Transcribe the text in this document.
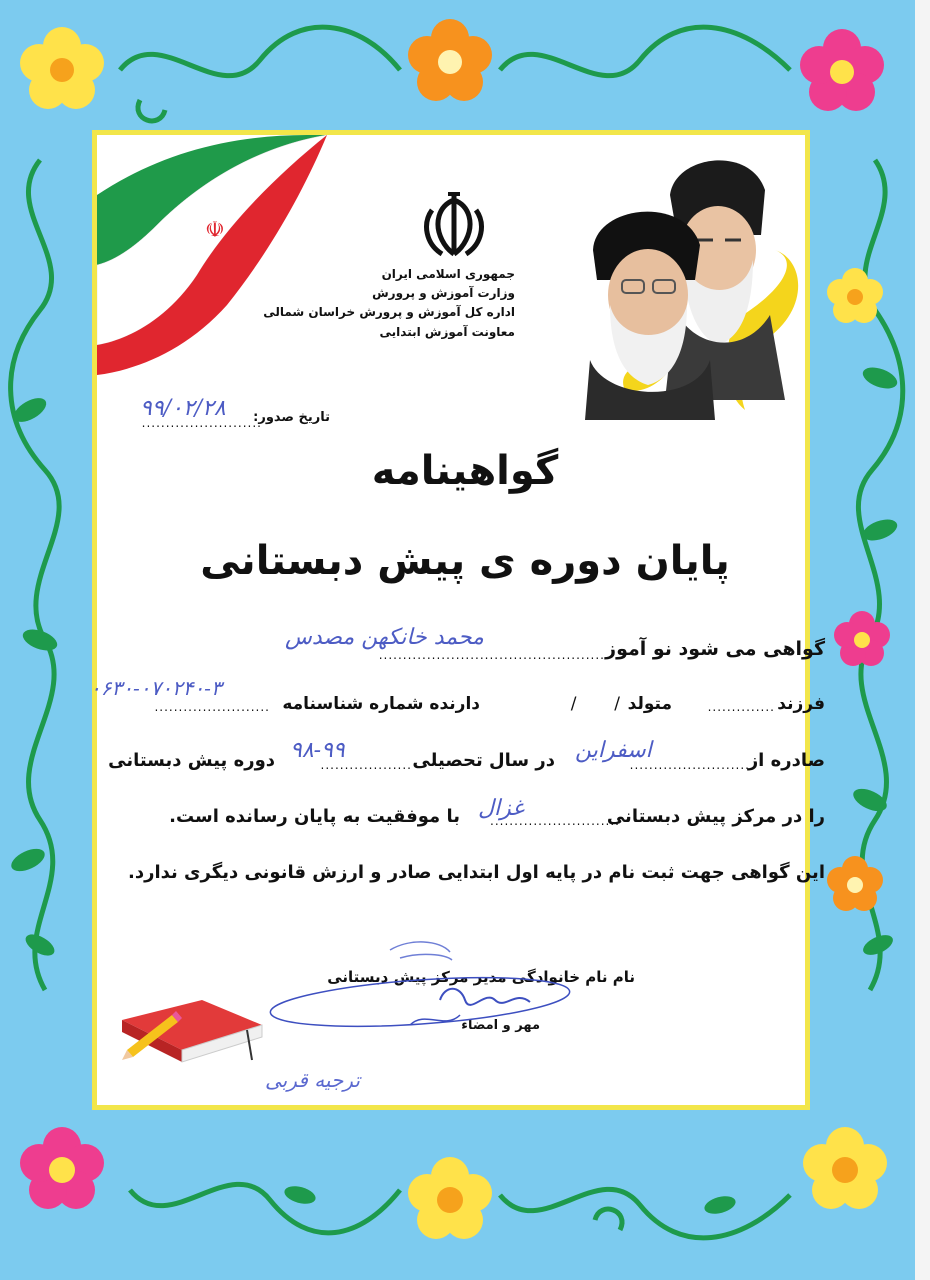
☫
جمهوری اسلامی ایران
وزارت آموزش و پرورش
اداره کل آموزش و پرورش خراسان شمالی
معاونت آموزش ابتدایی
تاریخ صدور:
.........................
۹۹/۰۲/۲۸
گواهینامه
پایان دوره ی پیش دبستانی
گواهی می شود نو آموز
...............................................
محمد خانکهن مصدس
فرزند
..............
متولد
/       /
دارنده شماره شناسنامه
........................
۰۶۳۰-۰۷۰۲۴۰-۳
صادره از
.........................
اسفراین
در سال تحصیلی
...................
۹۸-۹۹
دوره پیش دبستانی
را در مرکز پیش دبستانی
...........................
غزال
با موفقیت به پایان رسانده است.
این گواهی جهت ثبت نام در پایه اول ابتدایی صادر و ارزش قانونی دیگری ندارد.
نام نام خانوادگی مدیر مرکز پیش دبستانی
مهر و امضاء
ترجیه قربی
